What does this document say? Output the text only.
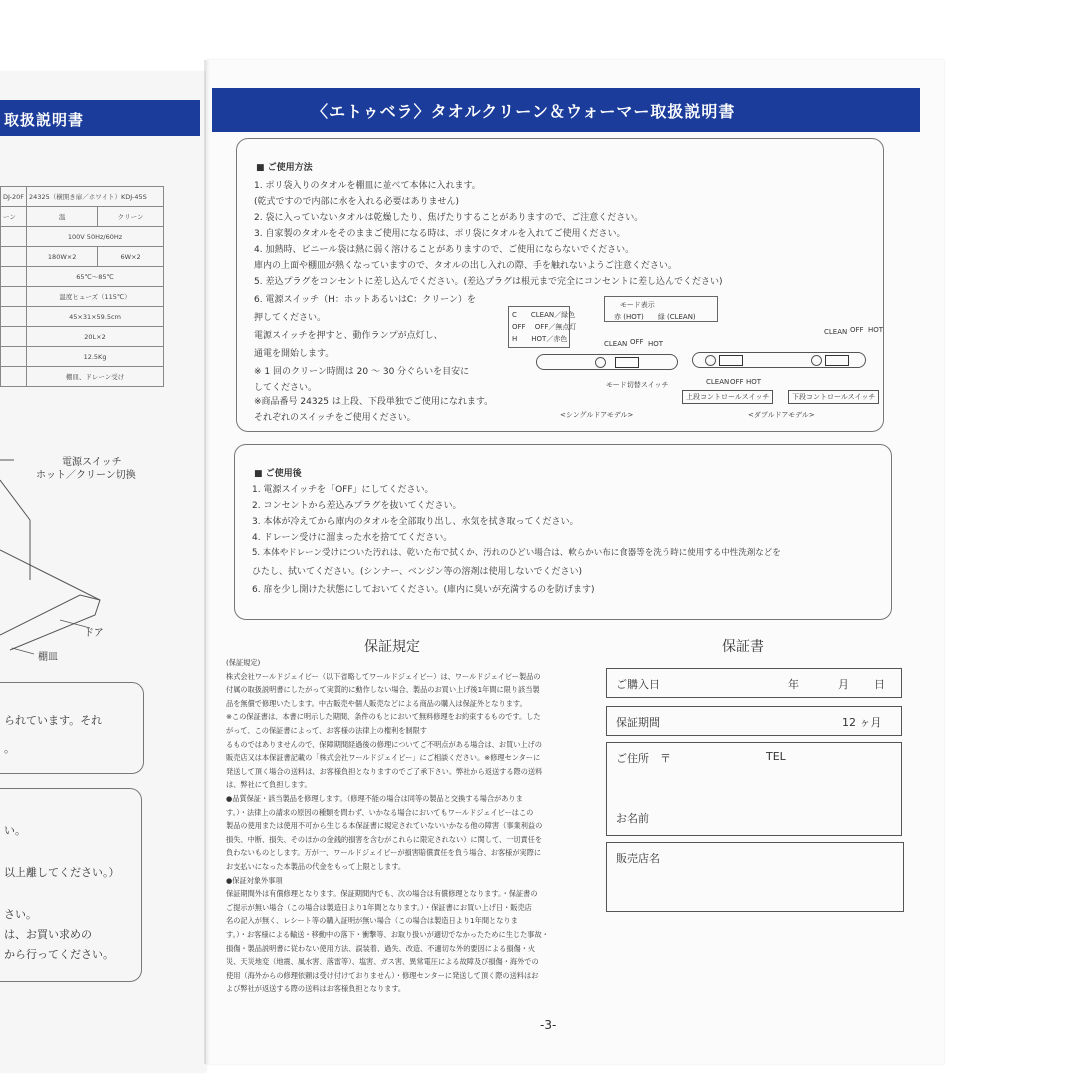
取扱説明書
DJ-20F	24325（横開き扉／ホワイト）KDJ-45S	
ーン	温	クリーン
	100V 50Hz/60Hz	
	180W×2	6W×2
	65℃〜85℃	
	温度ヒューズ（115℃）	
	45×31×59.5cm	
	20L×2	
	12.5Kg	
	棚皿、ドレーン受け	
電源スイッチ
ホット／クリーン切換
ドア
棚皿
られています。それ
。
い。
以上離してください。）
さい。
は、お買い求めの
から行ってください。
〈エトゥベラ〉タオルクリーン＆ウォーマー取扱説明書
■ ご使用方法
1. ポリ袋入りのタオルを棚皿に並べて本体に入れます。
(乾式ですので内部に水を入れる必要はありません)
2. 袋に入っていないタオルは乾燥したり、焦げたりすることがありますので、ご注意ください。
3. 自家製のタオルをそのままご使用になる時は、ポリ袋にタオルを入れてご使用ください。
4. 加熱時、ビニール袋は熱に弱く溶けることがありますので、ご使用にならないでください。
庫内の上面や棚皿が熱くなっていますので、タオルの出し入れの際、手を触れないようご注意ください。
5. 差込プラグをコンセントに差し込んでください。(差込プラグは根元まで完全にコンセントに差し込んでください)
6. 電源スイッチ（H：ホットあるいはC：クリーン）を
押してください。
電源スイッチを押すと、動作ランプが点灯し、
通電を開始します。
※ 1 回のクリーン時間は 20 〜 30 分ぐらいを目安に
してください。
※商品番号 24325 は上段、下段単独でご使用になれます。
それぞれのスイッチをご使用ください。
C　　CLEAN／緑色
OFF　 OFF／無点灯
H　　HOT／赤色
モード表示
赤 (HOT)　　緑 (CLEAN)
CLEAN OFF HOT
モード切替スイッチ
CLEAN OFF HOT
CLEAN OFF HOT
上段コントロールスイッチ	下段コントロールスイッチ
<シングルドアモデル>	<ダブルドアモデル>
■ ご使用後
1. 電源スイッチを「OFF」にしてください。
2. コンセントから差込みプラグを抜いてください。
3. 本体が冷えてから庫内のタオルを全部取り出し、水気を拭き取ってください。
4. ドレーン受けに溜まった水を捨ててください。
5. 本体やドレーン受けについた汚れは、乾いた布で拭くか、汚れのひどい場合は、軟らかい布に食器等を洗う時に使用する中性洗剤などを
ひたし、拭いてください。(シンナー、ベンジン等の溶剤は使用しないでください)
6. 扉を少し開けた状態にしておいてください。(庫内に臭いが充満するのを防げます)
保証規定
(保証規定)
株式会社ワールドジェイビー（以下省略してワールドジェイビー）は、ワールドジェイビー製品の
付属の取扱説明書にしたがって実質的に動作しない場合、製品のお買い上げ後1年間に限り該当製
品を無償で修理いたします。中古販売や個人販売などによる商品の購入は保証外となります。
※この保証書は、本書に明示した期間、条件のもとにおいて無料修理をお約束するものです。した
がって、この保証書によって、お客様の法律上の権利を制限す
るものではありませんので、保障期間経過後の修理についてご不明点がある場合は、お買い上げの
販売店又は本保証書記載の「株式会社ワールドジェイビー」にご相談ください。※修理センターに
発送して頂く場合の送料は、お客様負担となりますのでご了承下さい。弊社から返送する際の送料
は、弊社にて負担します。
●品質保証・該当製品を修理します。（修理不能の場合は同等の製品と交換する場合がありま
す。）・法律上の請求の原因の種類を問わず、いかなる場合においてもワールドジェイビーはこの
製品の使用または使用不可から生じる本保証書に規定されていないいかなる他の障害（事業利益の
損失、中断、損失、そのほかの金銭的損害を含むがこれらに限定されない）に関して、一切責任を
負わないものとします。万が一、ワールドジェイビーが損害賠償責任を負う場合、お客様が実際に
お支払いになった本製品の代金をもって上限とします。
●保証対象外事項
保証期間外は有償修理となります。保証期間内でも、次の場合は有償修理となります。・保証書の
ご提示が無い場合（この場合は製造日より1年間となります。）・保証書にお買い上げ日・販売店
名の記入が無く、レシート等の購入証明が無い場合（この場合は製造日より1年間となりま
す。）・お客様による輸送・移動中の落下・衝撃等、お取り扱いが適切でなかったために生じた事故・
損傷・製品説明書に従わない使用方法、誤装着、過失、改造、不適切な外的要因による損傷・火
災、天災地変（地震、風水害、落雷等）、塩害、ガス害、異常電圧による故障及び損傷・海外での
使用（海外からの修理依頼は受け付けておりません）・修理センターに発送して頂く際の送料はお
よび弊社が返送する際の送料はお客様負担となります。
保証書
ご購入日	年	月 日
保証期間	12 ヶ月
ご住所 〒	TEL
お名前
販売店名
-3-
